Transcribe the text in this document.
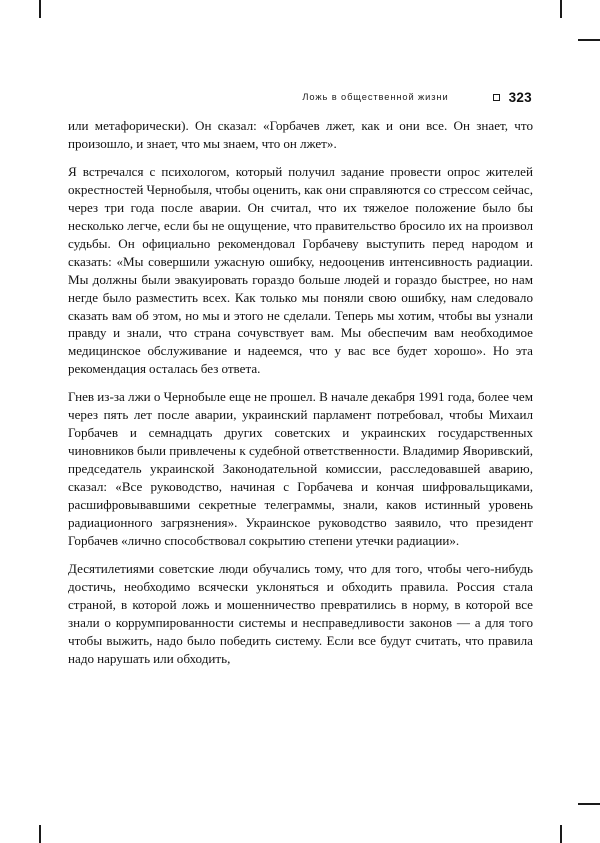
Ложь в общественной жизни	323

или метафорически). Он сказал: «Горбачев лжет, как и они все. Он знает, что произошло, и знает, что мы знаем, что он лжет».

Я встречался с психологом, который получил задание провести опрос жителей окрестностей Чернобыля, чтобы оценить, как они справляются со стрессом сейчас, через три года после аварии. Он считал, что их тяжелое положение было бы несколько легче, если бы не ощущение, что правительство бросило их на произвол судьбы. Он официально рекомендовал Горбачеву выступить перед народом и сказать: «Мы совершили ужасную ошибку, недооценив интенсивность радиации. Мы должны были эвакуировать гораздо больше людей и гораздо быстрее, но нам негде было разместить всех. Как только мы поняли свою ошибку, нам следовало сказать вам об этом, но мы и этого не сделали. Теперь мы хотим, чтобы вы узнали правду и знали, что страна сочувствует вам. Мы обеспечим вам необходимое медицинское обслуживание и надеемся, что у вас все будет хорошо». Но эта рекомендация осталась без ответа.

Гнев из-за лжи о Чернобыле еще не прошел. В начале декабря 1991 года, более чем через пять лет после аварии, украинский парламент потребовал, чтобы Михаил Горбачев и семнадцать других советских и украинских государственных чиновников были привлечены к судебной ответственности. Владимир Яворивский, председатель украинской Законодательной комиссии, расследовавшей аварию, сказал: «Все руководство, начиная с Горбачева и кончая шифровальщиками, расшифровывавшими секретные телеграммы, знали, каков истинный уровень радиационного загрязнения». Украинское руководство заявило, что президент Горбачев «лично способствовал сокрытию степени утечки радиации».

Десятилетиями советские люди обучались тому, что для того, чтобы чего-нибудь достичь, необходимо всячески уклоняться и обходить правила. Россия стала страной, в которой ложь и мошенничество превратились в норму, в которой все знали о коррумпированности системы и несправедливости законов — а для того чтобы выжить, надо было победить систему. Если все будут считать, что правила надо нарушать или обходить,
